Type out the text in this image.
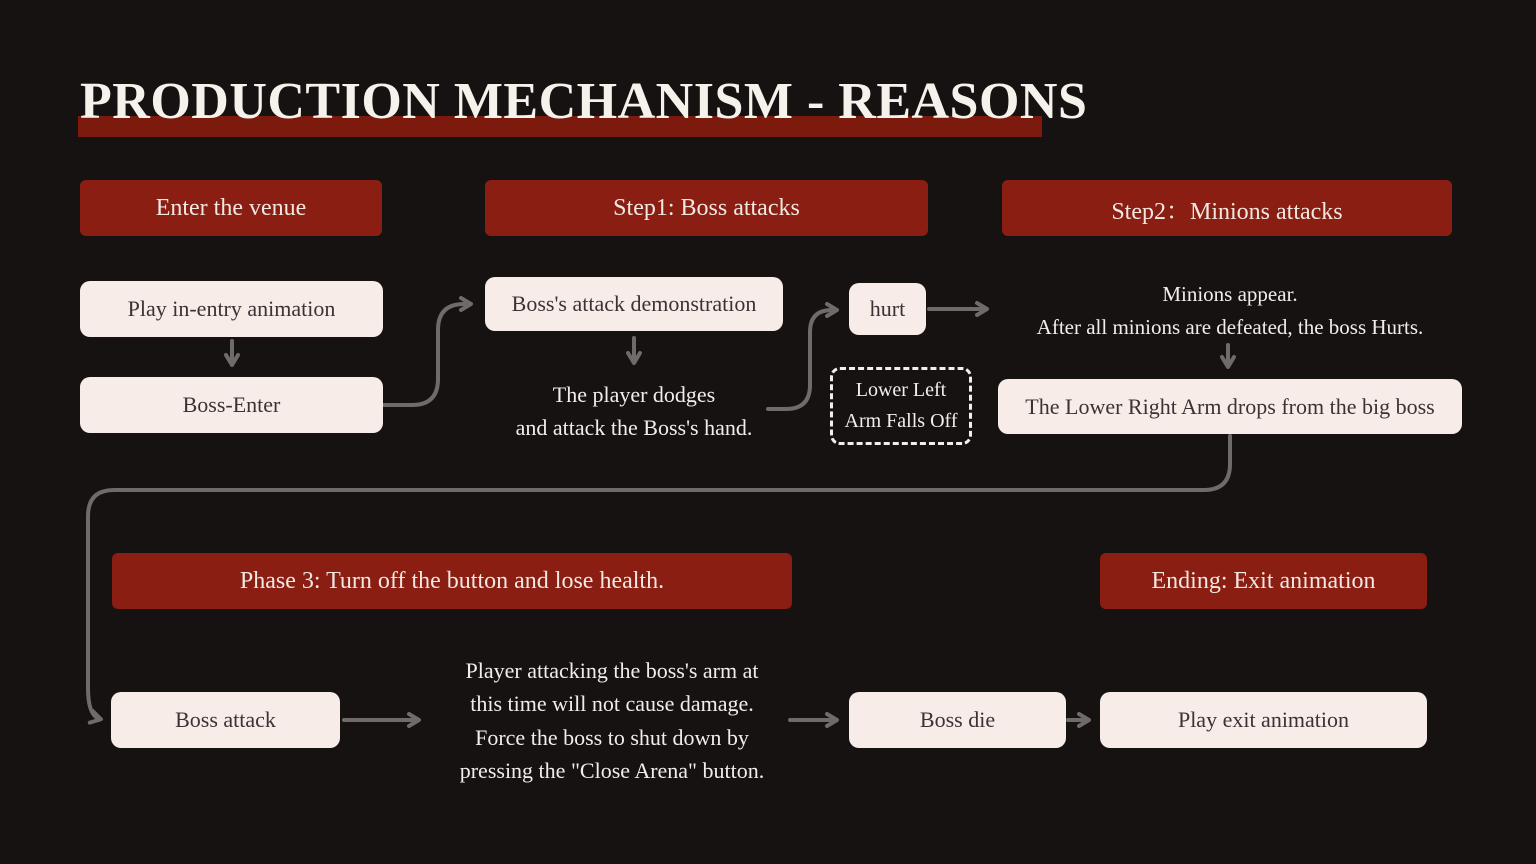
PRODUCTION MECHANISM - REASONS
Enter the venue	Step1: Boss attacks	Step2：Minions attacks
Play in-entry animation
Boss-Enter
Boss's attack demonstration
The player dodges
and attack the Boss's hand.
hurt
Lower Left
Arm Falls Off
Minions appear.
After all minions are defeated, the boss Hurts.
The Lower Right Arm drops from the big boss
Phase 3: Turn off the button and lose health.	Ending: Exit animation
Boss attack
Player attacking the boss's arm at
this time will not cause damage.
Force the boss to shut down by
pressing the "Close Arena" button.
Boss die	Play exit animation
